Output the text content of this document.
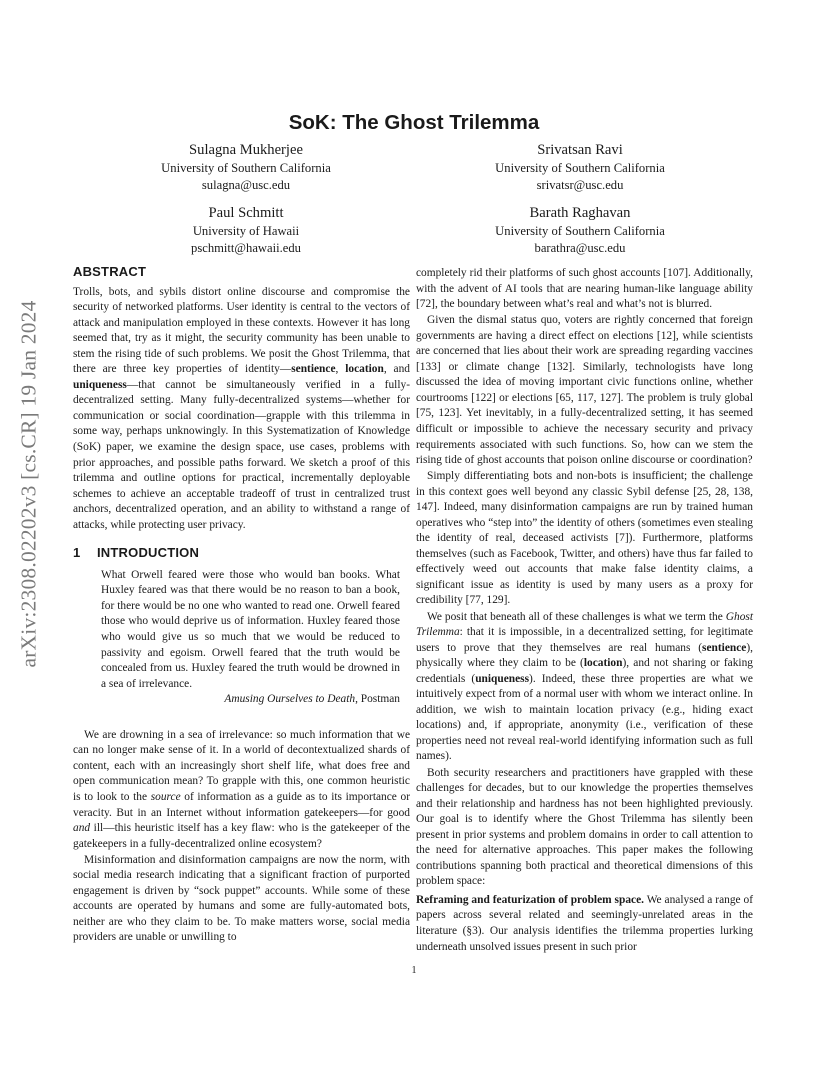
arXiv:2308.02202v3 [cs.CR] 19 Jan 2024
SoK: The Ghost Trilemma
Sulagna Mukherjee
University of Southern California
sulagna@usc.edu
Srivatsan Ravi
University of Southern California
srivatsr@usc.edu
Paul Schmitt
University of Hawaii
pschmitt@hawaii.edu
Barath Raghavan
University of Southern California
barathra@usc.edu
ABSTRACT

Trolls, bots, and sybils distort online discourse and compromise the security of networked platforms. User identity is central to the vectors of attack and manipulation employed in these contexts. However it has long seemed that, try as it might, the security community has been unable to stem the rising tide of such problems. We posit the Ghost Trilemma, that there are three key properties of identity—sentience, location, and uniqueness—that cannot be simultaneously verified in a fully-decentralized setting. Many fully-decentralized systems—whether for communication or social coordination—grapple with this trilemma in some way, perhaps unknowingly. In this Systematization of Knowledge (SoK) paper, we examine the design space, use cases, problems with prior approaches, and possible paths forward. We sketch a proof of this trilemma and outline options for practical, incrementally deployable schemes to achieve an acceptable tradeoff of trust in centralized trust anchors, decentralized operation, and an ability to withstand a range of attacks, while protecting user privacy.

1 INTRODUCTION
What Orwell feared were those who would ban books. What Huxley feared was that there would be no reason to ban a book, for there would be no one who wanted to read one. Orwell feared those who would deprive us of information. Huxley feared those who would give us so much that we would be reduced to passivity and egoism. Orwell feared that the truth would be concealed from us. Huxley feared the truth would be drowned in a sea of irrelevance.
Amusing Ourselves to Death, Postman

We are drowning in a sea of irrelevance: so much information that we can no longer make sense of it. In a world of decontextualized shards of content, each with an increasingly short shelf life, what does free and open communication mean? To grapple with this, one common heuristic is to look to the source of information as a guide as to its importance or veracity. But in an Internet without information gatekeepers—for good and ill—this heuristic itself has a key flaw: who is the gatekeeper of the gatekeepers in a fully-decentralized online ecosystem?

Misinformation and disinformation campaigns are now the norm, with social media research indicating that a significant fraction of purported engagement is driven by “sock puppet” accounts. While some of these accounts are operated by humans and some are fully-automated bots, neither are who they claim to be. To make matters worse, social media providers are unable or unwilling to

completely rid their platforms of such ghost accounts [107]. Additionally, with the advent of AI tools that are nearing human-like language ability [72], the boundary between what’s real and what’s not is blurred.

Given the dismal status quo, voters are rightly concerned that foreign governments are having a direct effect on elections [12], while scientists are concerned that lies about their work are spreading regarding vaccines [133] or climate change [132]. Similarly, technologists have long discussed the idea of moving important civic functions online, whether courtrooms [122] or elections [65, 117, 127]. The problem is truly global [75, 123]. Yet inevitably, in a fully-decentralized setting, it has seemed difficult or impossible to achieve the necessary security and privacy requirements associated with such functions. So, how can we stem the rising tide of ghost accounts that poison online discourse or coordination?

Simply differentiating bots and non-bots is insufficient; the challenge in this context goes well beyond any classic Sybil defense [25, 28, 138, 147]. Indeed, many disinformation campaigns are run by trained human operatives who “step into” the identity of others (sometimes even stealing the identity of real, deceased activists [7]). Furthermore, platforms themselves (such as Facebook, Twitter, and others) have thus far failed to effectively weed out accounts that make false identity claims, a significant issue as identity is used by many users as a proxy for credibility [77, 129].

We posit that beneath all of these challenges is what we term the Ghost Trilemma: that it is impossible, in a decentralized setting, for legitimate users to prove that they themselves are real humans (sentience), physically where they claim to be (location), and not sharing or faking credentials (uniqueness). Indeed, these three properties are what we intuitively expect from of a normal user with whom we interact online. In addition, we wish to maintain location privacy (e.g., hiding exact locations) and, if appropriate, anonymity (i.e., verification of these properties need not reveal real-world identifying information such as full names).

Both security researchers and practitioners have grappled with these challenges for decades, but to our knowledge the properties themselves and their relationship and hardness has not been highlighted previously. Our goal is to identify where the Ghost Trilemma has silently been present in prior systems and problem domains in order to call attention to the need for alternative approaches. This paper makes the following contributions spanning both practical and theoretical dimensions of this problem space:

Reframing and featurization of problem space. We analysed a range of papers across several related and seemingly-unrelated areas in the literature (§3). Our analysis identifies the trilemma properties lurking underneath unsolved issues present in such prior

1
